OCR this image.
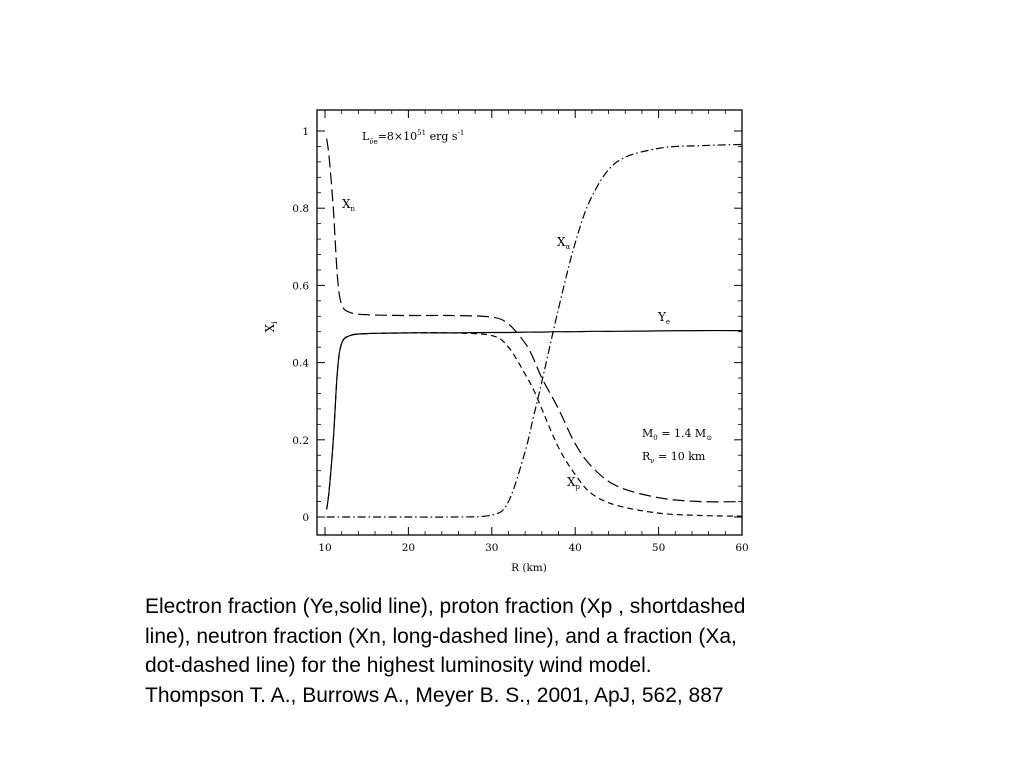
10	20	30	40	50	60
0
0.2
0.4
0.6
0.8
1
R (km)
$X_i$
$L_{\nūe}=8\times 10^{51}$ erg $s^{-1}$
$M_0 = 1.4$ $M_⊙$
$R_\nu = 10$ km
$X_n$
$X_\alpha$
$Y_e$
$X_p$
Electron fraction (Ye,solid line), proton fraction (Xp , shortdashed
line), neutron fraction (Xn, long-dashed line), and a fraction (Xa,
dot-dashed line) for the highest luminosity wind model.
Thompson T. A., Burrows A., Meyer B. S., 2001, ApJ, 562, 887
